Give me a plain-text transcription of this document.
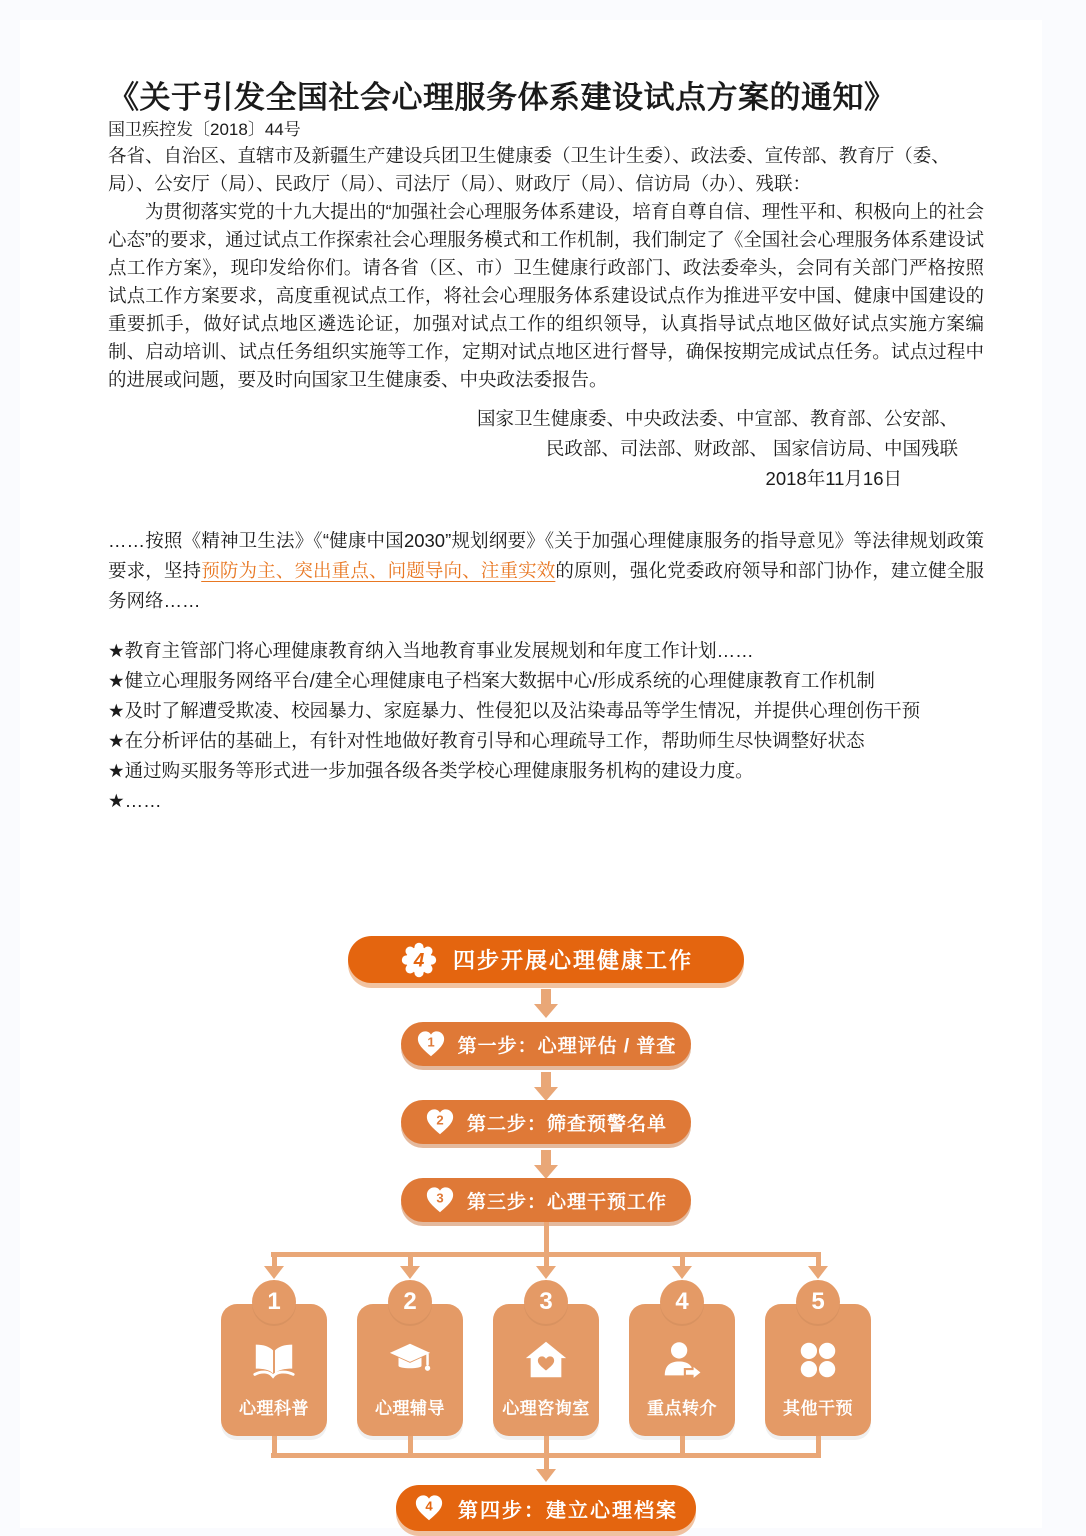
《关于引发全国社会心理服务体系建设试点方案的通知》
国卫疾控发〔2018〕44号

各省、自治区、直辖市及新疆生产建设兵团卫生健康委（卫生计生委）、政法委、宣传部、教育厅（委、局）、公安厅（局）、民政厅（局）、司法厅（局）、财政厅（局）、信访局（办）、残联：

为贯彻落实党的十九大提出的“加强社会心理服务体系建设，培育自尊自信、理性平和、积极向上的社会心态”的要求，通过试点工作探索社会心理服务模式和工作机制，我们制定了《全国社会心理服务体系建设试点工作方案》，现印发给你们。请各省（区、市）卫生健康行政部门、政法委牵头，会同有关部门严格按照试点工作方案要求，高度重视试点工作，将社会心理服务体系建设试点作为推进平安中国、健康中国建设的重要抓手，做好试点地区遴选论证，加强对试点工作的组织领导，认真指导试点地区做好试点实施方案编制、启动培训、试点任务组织实施等工作，定期对试点地区进行督导，确保按期完成试点任务。试点过程中的进展或问题，要及时向国家卫生健康委、中央政法委报告。

国家卫生健康委、中央政法委、中宣部、教育部、公安部、
民政部、司法部、财政部、 国家信访局、中国残联
2018年11月16日

……按照《精神卫生法》《“健康中国2030”规划纲要》《关于加强心理健康服务的指导意见》等法律规划政策要求，坚持预防为主、突出重点、问题导向、注重实效的原则，强化党委政府领导和部门协作，建立健全服务网络……

★教育主管部门将心理健康教育纳入当地教育事业发展规划和年度工作计划……
★健立心理服务网络平台/建全心理健康电子档案大数据中心/形成系统的心理健康教育工作机制
★及时了解遭受欺凌、校园暴力、家庭暴力、性侵犯以及沾染毒品等学生情况，并提供心理创伤干预
★在分析评估的基础上，有针对性地做好教育引导和心理疏导工作，帮助师生尽快调整好状态
★通过购买服务等形式进一步加强各级各类学校心理健康服务机构的建设力度。
★……
4 四步开展心理健康工作
1 第一步：心理评估 / 普查
2 第二步：筛查预警名单
3 第三步：心理干预工作
1
心理科普
2
心理辅导
3
心理咨询室
4
重点转介
5
其他干预
4 第四步：建立心理档案
